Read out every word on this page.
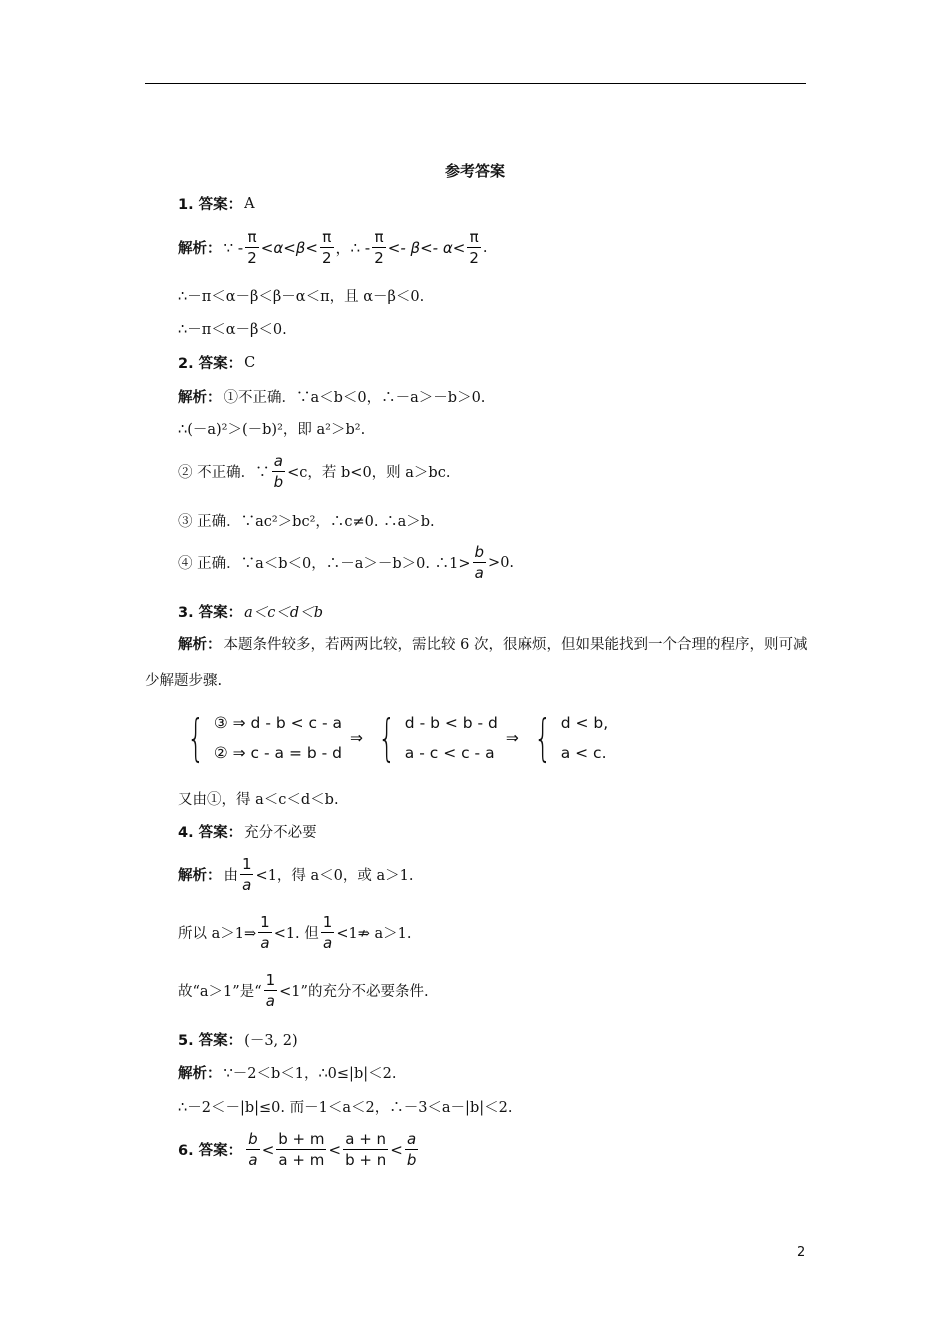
参考答案
1. 答案： A
解析： ∵ -
π
2
<α<β<
π
2
，∴ -
π
2
<- β<- α<
π
2
.
∴－π＜α－β＜β－α＜π，且 α－β＜0.
∴－π＜α－β＜0.
2. 答案： C
解析： ①不正确．∵a＜b＜0，∴－a＞－b＞0.
∴(－a)²＞(－b)²，即 a²＞b².
② 不正确．∵
a
b <c，若 b<0，则 a＞bc.
③ 正确．∵ac²＞bc²，∴c≠0. ∴a＞b.
④ 正确．∵a＜b＜0，∴－a＞－b＞0. ∴1>
b
a
>0.
3. 答案： a＜c＜d＜b
解析： 本题条件较多，若两两比较，需比较 6 次，很麻烦，但如果能找到一个合理的程序，则可减少解题步骤.
{ ③ ⇒ d - b < c - a
② ⇒ c - a = b - d
⇒ { d - b < b - d
a - c < c - a
⇒ { d < b,
a < c.
又由①，得 a＜c＜d＜b.
4. 答案： 充分不必要
解析： 由
1
a <1，得 a＜0，或 a＞1.
所以 a＞1⇒
1
a <1. 但
1
a <1⇏ a＞1.
故“a＞1”是“
1
a <1”的充分不必要条件.
5. 答案： (－3, 2)
解析： ∵－2＜b＜1，∴0≤|b|＜2.
∴－2＜－|b|≤0. 而－1＜a＜2，∴－3＜a－|b|＜2.
6. 答案：
b
a
<
b + m
a + m
<
a + n
b + n
<
a
b
2
